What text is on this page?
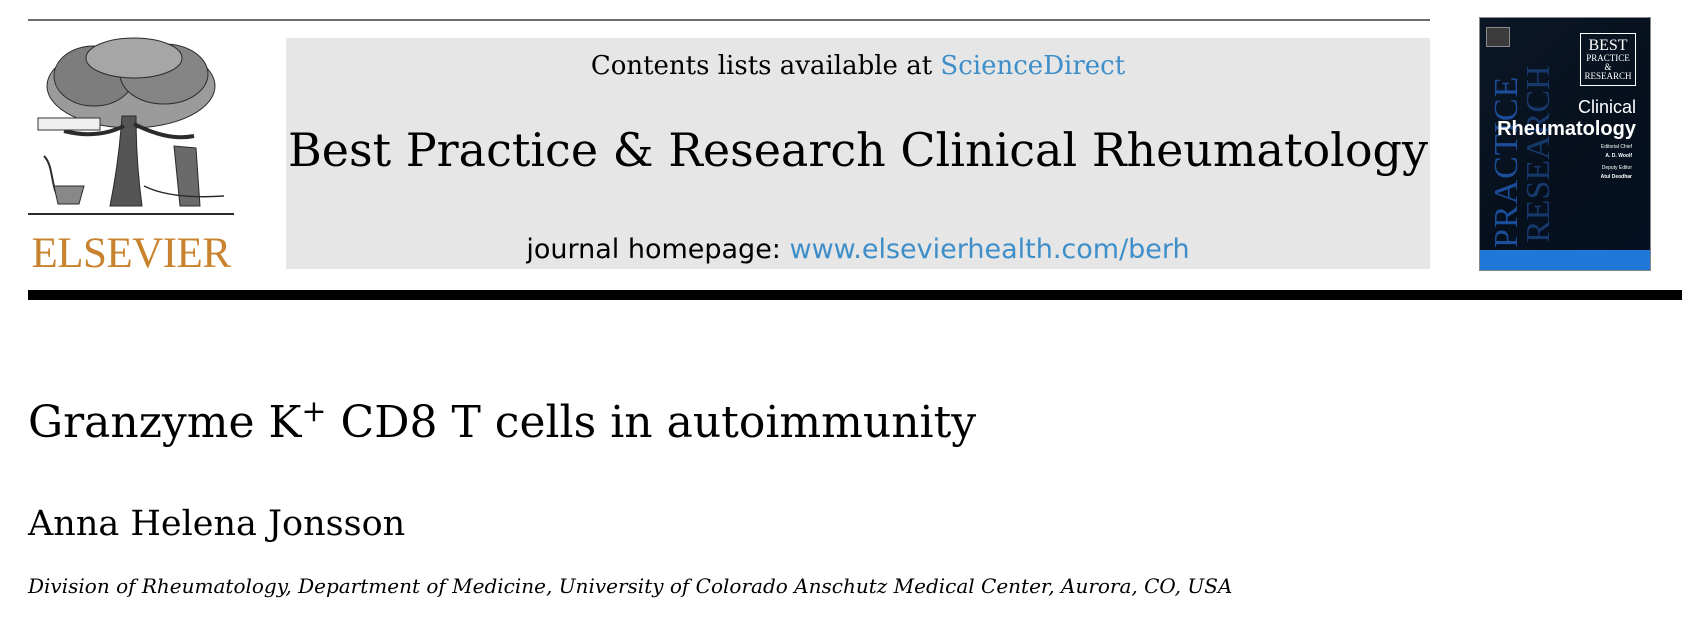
ELSEVIER
Contents lists available at ScienceDirect
Best Practice & Research Clinical Rheumatology
journal homepage: www.elsevierhealth.com/berh
PRACTICE
RESEARCH
BEST
PRACTICE & RESEARCH
Clinical
Rheumatology
Editorial Chief
A. D. Woolf
Deputy Editor
Atul Deodhar
Granzyme K+ CD8 T cells in autoimmunity
Anna Helena Jonsson
Division of Rheumatology, Department of Medicine, University of Colorado Anschutz Medical Center, Aurora, CO, USA
